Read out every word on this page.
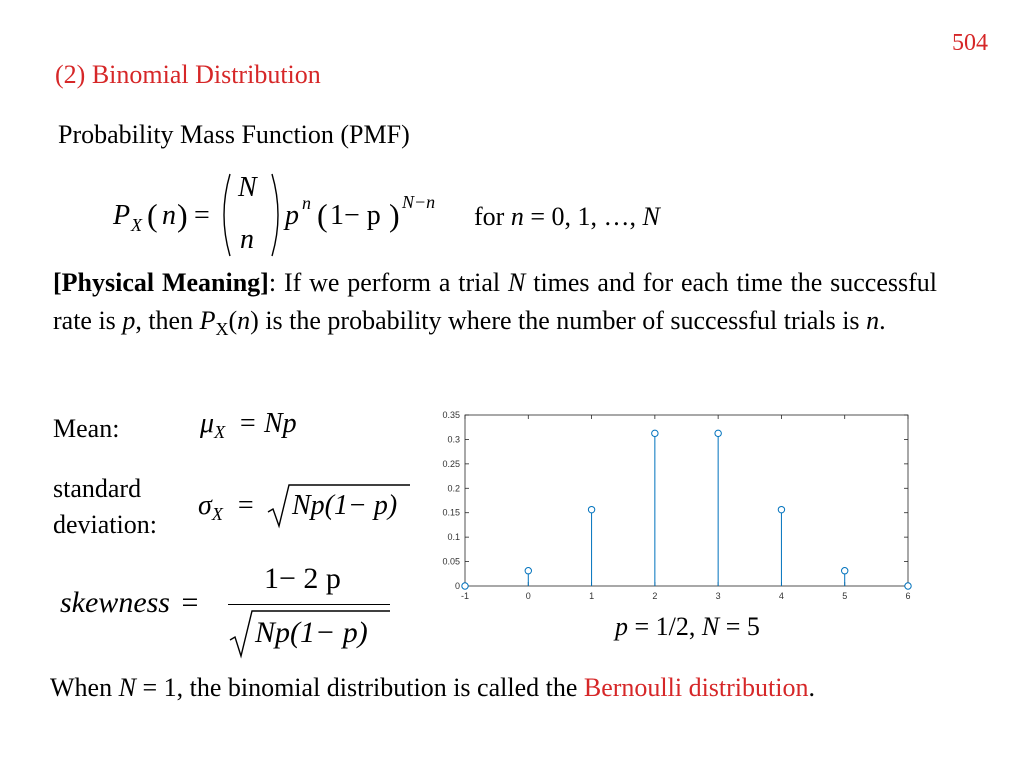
504
(2) Binomial Distribution
Probability Mass Function (PMF)
P X ( n ) =
N
n
p n ( 1− p ) N−n for n = 0, 1, …, N
[Physical Meaning]: If we perform a trial N times and for each time the successful rate is p, then $P_X(n)$ is the probability where the number of successful trials is n.
Mean:	$\mu_X = Np$
standard
deviation:
$\sigma_X = Np(1- p)$
skewness =
1− 2 p
Np(1− p)
0
0.05
0.1
0.15
0.2
0.25
0.3
0.35
-1	0	1	2	3	4	5	6
p = 1/2, N = 5
When N = 1, the binomial distribution is called the Bernoulli distribution.
